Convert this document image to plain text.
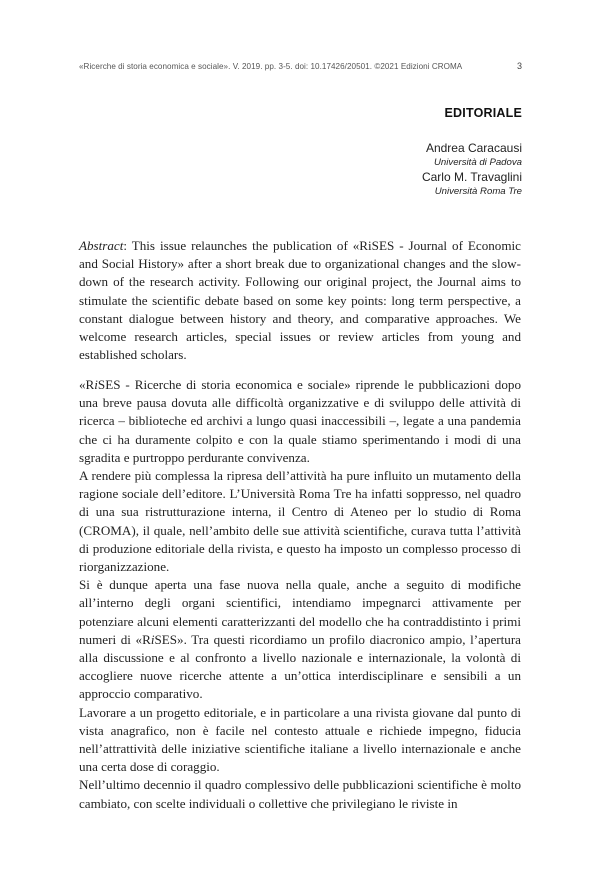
«Ricerche di storia economica e sociale». V. 2019. pp. 3-5. doi: 10.17426/20501. ©2021 Edizioni CROMA	3
EDITORIALE
Andrea Caracausi
Università di Padova
Carlo M. Travaglini
Università Roma Tre
Abstract: This issue relaunches the publication of «RiSES - Journal of Economic and Social History» after a short break due to organizational changes and the slow-down of the research activity. Following our original project, the Journal aims to stimulate the scientific debate based on some key points: long term perspective, a constant dialogue between history and theory, and comparative approaches. We welcome research articles, special issues or review articles from young and established scholars.

«RiSES - Ricerche di storia economica e sociale» riprende le pubblicazioni dopo una breve pausa dovuta alle difficoltà organizzative e di sviluppo delle attività di ricerca – biblioteche ed archivi a lungo quasi inaccessibili –, legate a una pandemia che ci ha duramente colpito e con la quale stiamo sperimentando i modi di una sgradita e purtroppo perdurante convivenza.

A rendere più complessa la ripresa dell’attività ha pure influito un mutamento della ragione sociale dell’editore. L’Università Roma Tre ha infatti soppresso, nel quadro di una sua ristrutturazione interna, il Centro di Ateneo per lo studio di Roma (CROMA), il quale, nell’ambito delle sue attività scientifiche, curava tutta l’attività di produzione editoriale della rivista, e questo ha imposto un complesso processo di riorganizzazione.

Si è dunque aperta una fase nuova nella quale, anche a seguito di modifiche all’interno degli organi scientifici, intendiamo impegnarci attivamente per potenziare alcuni elementi caratterizzanti del modello che ha contraddistinto i primi numeri di «RiSES». Tra questi ricordiamo un profilo diacronico ampio, l’apertura alla discussione e al confronto a livello nazionale e internazionale, la volontà di accogliere nuove ricerche attente a un’ottica interdisciplinare e sensibili a un approccio comparativo.

Lavorare a un progetto editoriale, e in particolare a una rivista giovane dal punto di vista anagrafico, non è facile nel contesto attuale e richiede impegno, fiducia nell’attrattività delle iniziative scientifiche italiane a livello internazionale e anche una certa dose di coraggio.

Nell’ultimo decennio il quadro complessivo delle pubblicazioni scientifiche è molto cambiato, con scelte individuali o collettive che privilegiano le riviste in
